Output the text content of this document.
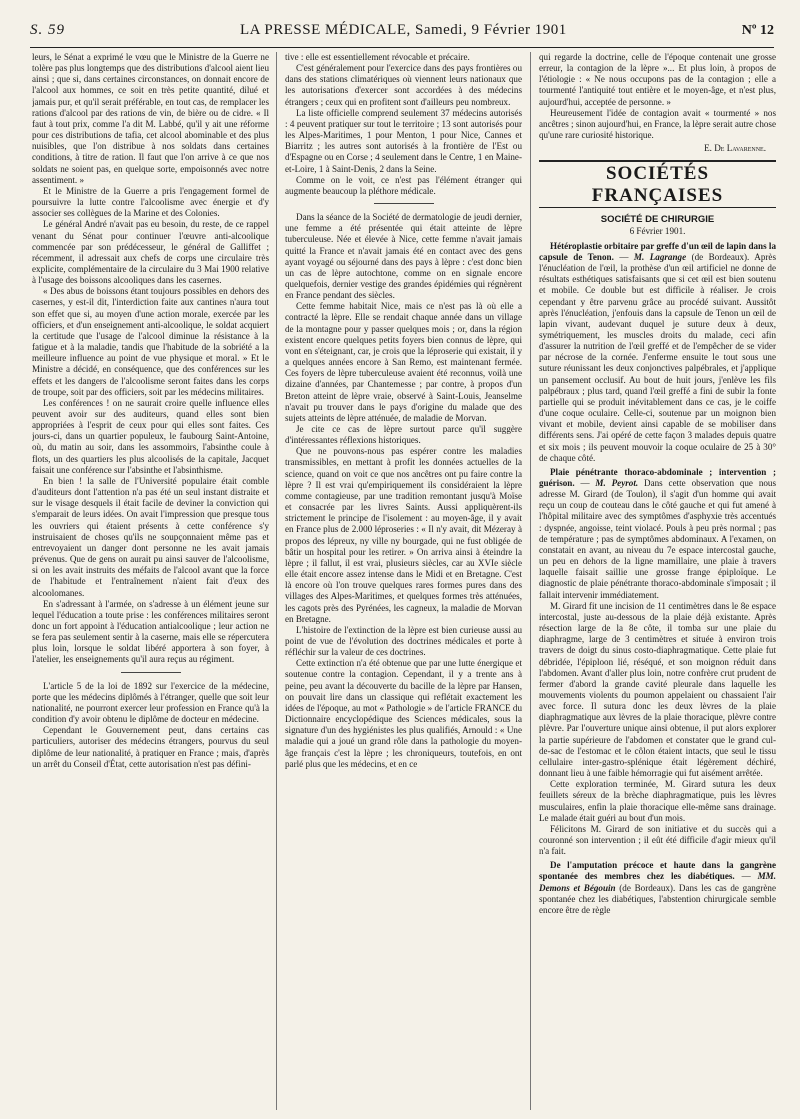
S. 59	LA PRESSE MÉDICALE, Samedi, 9 Février 1901	Nº 12

leurs, le Sénat a exprimé le vœu que le Ministre de la Guerre ne tolère pas plus longtemps que des distributions d'alcool aient lieu ainsi ; que si, dans certaines circonstances, on donnait encore de l'alcool aux hommes, ce soit en très petite quantité, dilué et jamais pur, et qu'il serait préférable, en tout cas, de remplacer les rations d'alcool par des rations de vin, de bière ou de cidre. « Il faut à tout prix, comme l'a dit M. Labbé, qu'il y ait une réforme pour ces distributions de tafia, cet alcool abominable et des plus nuisibles, que l'on distribue à nos soldats dans certaines conditions, à titre de ration. Il faut que l'on arrive à ce que nos soldats ne soient pas, en quelque sorte, empoisonnés avec notre assentiment. »

Et le Ministre de la Guerre a pris l'engagement formel de poursuivre la lutte contre l'alcoolisme avec énergie et d'y associer ses collègues de la Marine et des Colonies.

Le général André n'avait pas eu besoin, du reste, de ce rappel venant du Sénat pour continuer l'œuvre anti-alcoolique commencée par son prédécesseur, le général de Galliffet ; récemment, il adressait aux chefs de corps une circulaire très explicite, complémentaire de la circulaire du 3 Mai 1900 relative à l'usage des boissons alcooliques dans les casernes.

« Des abus de boissons étant toujours possibles en dehors des casernes, y est-il dit, l'interdiction faite aux cantines n'aura tout son effet que si, au moyen d'une action morale, exercée par les officiers, et d'un enseignement anti-alcoolique, le soldat acquiert la certitude que l'usage de l'alcool diminue la résistance à la fatigue et à la maladie, tandis que l'habitude de la sobriété a la meilleure influence au point de vue physique et moral. » Et le Ministre a décidé, en conséquence, que des conférences sur les effets et les dangers de l'alcoolisme seront faites dans les corps de troupe, soit par des officiers, soit par les médecins militaires.

Les conférences ! on ne saurait croire quelle influence elles peuvent avoir sur des auditeurs, quand elles sont bien appropriées à l'esprit de ceux pour qui elles sont faites. Ces jours-ci, dans un quartier populeux, le faubourg Saint-Antoine, où, du matin au soir, dans les assommoirs, l'absinthe coule à flots, un des quartiers les plus alcoolisés de la capitale, Jacquet faisait une conférence sur l'absinthe et l'absinthisme.

En bien ! la salle de l'Université populaire était comble d'auditeurs dont l'attention n'a pas été un seul instant distraite et sur le visage desquels il était facile de deviner la conviction qui s'emparait de leurs idées. On avait l'impression que presque tous les ouvriers qui étaient présents à cette conférence s'y instruisaient de choses qu'ils ne soupçonnaient même pas et entrevoyaient un danger dont personne ne les avait jamais prévenus. Que de gens on aurait pu ainsi sauver de l'alcoolisme, si on les avait instruits des méfaits de l'alcool avant que la force de l'habitude et l'entraînement n'aient fait d'eux des alcoolomanes.

En s'adressant à l'armée, on s'adresse à un élément jeune sur lequel l'éducation a toute prise : les conférences militaires seront donc un fort appoint à l'éducation antialcoolique ; leur action ne se fera pas seulement sentir à la caserne, mais elle se répercutera plus loin, lorsque le soldat libéré apportera à son foyer, à l'atelier, les enseignements qu'il aura reçus au régiment.

L'article 5 de la loi de 1892 sur l'exercice de la médecine, porte que les médecins diplômés à l'étranger, quelle que soit leur nationalité, ne pourront exercer leur profession en France qu'à la condition d'y avoir obtenu le diplôme de docteur en médecine.

Cependant le Gouvernement peut, dans certains cas particuliers, autoriser des médecins étrangers, pourvus du seul diplôme de leur nationalité, à pratiquer en France ; mais, d'après un arrêt du Conseil d'État, cette autorisation n'est pas défini-

tive : elle est essentiellement révocable et précaire.

C'est généralement pour l'exercice dans des pays frontières ou dans des stations climatériques où viennent leurs nationaux que les autorisations d'exercer sont accordées à des médecins étrangers ; ceux qui en profitent sont d'ailleurs peu nombreux.

La liste officielle comprend seulement 37 médecins autorisés : 4 peuvent pratiquer sur tout le territoire ; 13 sont autorisés pour les Alpes-Maritimes, 1 pour Menton, 1 pour Nice, Cannes et Biarritz ; les autres sont autorisés à la frontière de l'Est ou d'Espagne ou en Corse ; 4 seulement dans le Centre, 1 en Maine-et-Loire, 1 à Saint-Denis, 2 dans la Seine.

Comme on le voit, ce n'est pas l'élément étranger qui augmente beaucoup la pléthore médicale.

Dans la séance de la Société de dermatologie de jeudi dernier, une femme a été présentée qui était atteinte de lèpre tuberculeuse. Née et élevée à Nice, cette femme n'avait jamais quitté la France et n'avait jamais été en contact avec des gens ayant voyagé ou séjourné dans des pays à lèpre : c'est donc bien un cas de lèpre autochtone, comme on en signale encore quelquefois, dernier vestige des grandes épidémies qui régnèrent en France pendant des siècles.

Cette femme habitait Nice, mais ce n'est pas là où elle a contracté la lèpre. Elle se rendait chaque année dans un village de la montagne pour y passer quelques mois ; or, dans la région existent encore quelques petits foyers bien connus de lèpre, qui vont en s'éteignant, car, je crois que la léproserie qui existait, il y a quelques années encore à San Remo, est maintenant fermée. Ces foyers de lèpre tuberculeuse avaient été reconnus, voilà une dizaine d'années, par Chantemesse ; par contre, à propos d'un Breton atteint de lèpre vraie, observé à Saint-Louis, Jeanselme n'avait pu trouver dans le pays d'origine du malade que des sujets atteints de lèpre atténuée, de maladie de Morvan.

Je cite ce cas de lèpre surtout parce qu'il suggère d'intéressantes réflexions historiques.

Que ne pouvons-nous pas espérer contre les maladies transmissibles, en mettant à profit les données actuelles de la science, quand on voit ce que nos ancêtres ont pu faire contre la lèpre ? Il est vrai qu'empiriquement ils considéraient la lèpre comme contagieuse, par une tradition remontant jusqu'à Moïse et consacrée par les livres Saints. Aussi appliquèrent-ils strictement le principe de l'isolement : au moyen-âge, il y avait en France plus de 2.000 léproseries : « Il n'y avait, dit Mézeray à propos des lépreux, ny ville ny bourgade, qui ne fust obligée de bâtir un hospital pour les retirer. » On arriva ainsi à éteindre la lèpre ; il fallut, il est vrai, plusieurs siècles, car au XVIe siècle elle était encore assez intense dans le Midi et en Bretagne. C'est là encore où l'on trouve quelques rares formes pures dans des villages des Alpes-Maritimes, et quelques formes très atténuées, les cagots près des Pyrénées, les cagneux, la maladie de Morvan en Bretagne.

L'histoire de l'extinction de la lèpre est bien curieuse aussi au point de vue de l'évolution des doctrines médicales et porte à réfléchir sur la valeur de ces doctrines.

Cette extinction n'a été obtenue que par une lutte énergique et soutenue contre la contagion. Cependant, il y a trente ans à peine, peu avant la découverte du bacille de la lèpre par Hansen, on pouvait lire dans un classique qui reflétait exactement les idées de l'époque, au mot « Pathologie » de l'article FRANCE du Dictionnaire encyclopédique des Sciences médicales, sous la signature d'un des hygiénistes les plus qualifiés, Arnould : « Une maladie qui a joué un grand rôle dans la pathologie du moyen-âge français c'est la lèpre ; les chroniqueurs, toutefois, en ont parlé plus que les médecins, et en ce

qui regarde la doctrine, celle de l'époque contenait une grosse erreur, la contagion de la lèpre »... Et plus loin, à propos de l'étiologie : « Ne nous occupons pas de la contagion ; elle a tourmenté l'antiquité tout entière et le moyen-âge, et n'est plus, aujourd'hui, acceptée de personne. »

Heureusement l'idée de contagion avait « tourmenté » nos ancêtres ; sinon aujourd'hui, en France, la lèpre serait autre chose qu'une rare curiosité historique.

E. De Lavarenne.
SOCIÉTÉS FRANÇAISES
SOCIÉTÉ DE CHIRURGIE
6 Février 1901.

Hétéroplastie orbitaire par greffe d'un œil de lapin dans la capsule de Tenon. — M. Lagrange (de Bordeaux). Après l'énucléation de l'œil, la prothèse d'un œil artificiel ne donne de résultats esthétiques satisfaisants que si cet œil est bien soutenu et mobile. Ce double but est difficile à réaliser. Je crois cependant y être parvenu grâce au procédé suivant. Aussitôt après l'énucléation, j'enfouis dans la capsule de Tenon un œil de lapin vivant, audevant duquel je suture deux à deux, symétriquement, les muscles droits du malade, ceci afin d'assurer la nutrition de l'œil greffé et de l'empêcher de se vider par nécrose de la cornée. J'enferme ensuite le tout sous une suture réunissant les deux conjonctives palpébrales, et j'applique un pansement occlusif. Au bout de huit jours, j'enlève les fils palpébraux ; plus tard, quand l'œil greffé a fini de subir la fonte partielle qui se produit inévitablement dans ce cas, je le coiffe d'une coque oculaire. Celle-ci, soutenue par un moignon bien vivant et mobile, devient ainsi capable de se mobiliser dans différents sens. J'ai opéré de cette façon 3 malades depuis quatre et six mois ; ils peuvent mouvoir la coque oculaire de 25 à 30° de chaque côté.

Plaie pénétrante thoraco-abdominale ; intervention ; guérison. — M. Peyrot. Dans cette observation que nous adresse M. Girard (de Toulon), il s'agit d'un homme qui avait reçu un coup de couteau dans le côté gauche et qui fut amené à l'hôpital militaire avec des symptômes d'asphyxie très accentués : dyspnée, angoisse, teint violacé. Pouls à peu près normal ; pas de température ; pas de symptômes abdominaux. A l'examen, on constatait en avant, au niveau du 7e espace intercostal gauche, un peu en dehors de la ligne mamillaire, une plaie à travers laquelle faisait saillie une grosse frange épiploïque. Le diagnostic de plaie pénétrante thoraco-abdominale s'imposait ; il fallait intervenir immédiatement.

M. Girard fit une incision de 11 centimètres dans le 8e espace intercostal, juste au-dessous de la plaie déjà existante. Après résection large de la 8e côte, il tomba sur une plaie du diaphragme, large de 3 centimètres et située à environ trois travers de doigt du sinus costo-diaphragmatique. Cette plaie fut débridée, l'épiploon lié, réséqué, et son moignon réduit dans l'abdomen. Avant d'aller plus loin, notre confrère crut prudent de fermer d'abord la grande cavité pleurale dans laquelle les mouvements violents du poumon appelaient ou chassaient l'air avec force. Il sutura donc les deux lèvres de la plaie diaphragmatique aux lèvres de la plaie thoracique, plèvre contre plèvre. Par l'ouverture unique ainsi obtenue, il put alors explorer la partie supérieure de l'abdomen et constater que le grand cul-de-sac de l'estomac et le côlon étaient intacts, que seul le tissu cellulaire inter-gastro-splénique était légèrement déchiré, donnant lieu à une faible hémorragie qui fut aisément arrêtée.

Cette exploration terminée, M. Girard sutura les deux feuillets séreux de la brèche diaphragmatique, puis les lèvres musculaires, enfin la plaie thoracique elle-même sans drainage. Le malade était guéri au bout d'un mois.

Félicitons M. Girard de son initiative et du succès qui a couronné son intervention ; il eût été difficile d'agir mieux qu'il n'a fait.

De l'amputation précoce et haute dans la gangrène spontanée des membres chez les diabétiques. — MM. Demons et Bégouin (de Bordeaux). Dans les cas de gangrène spontanée chez les diabétiques, l'abstention chirurgicale semble encore être de règle
